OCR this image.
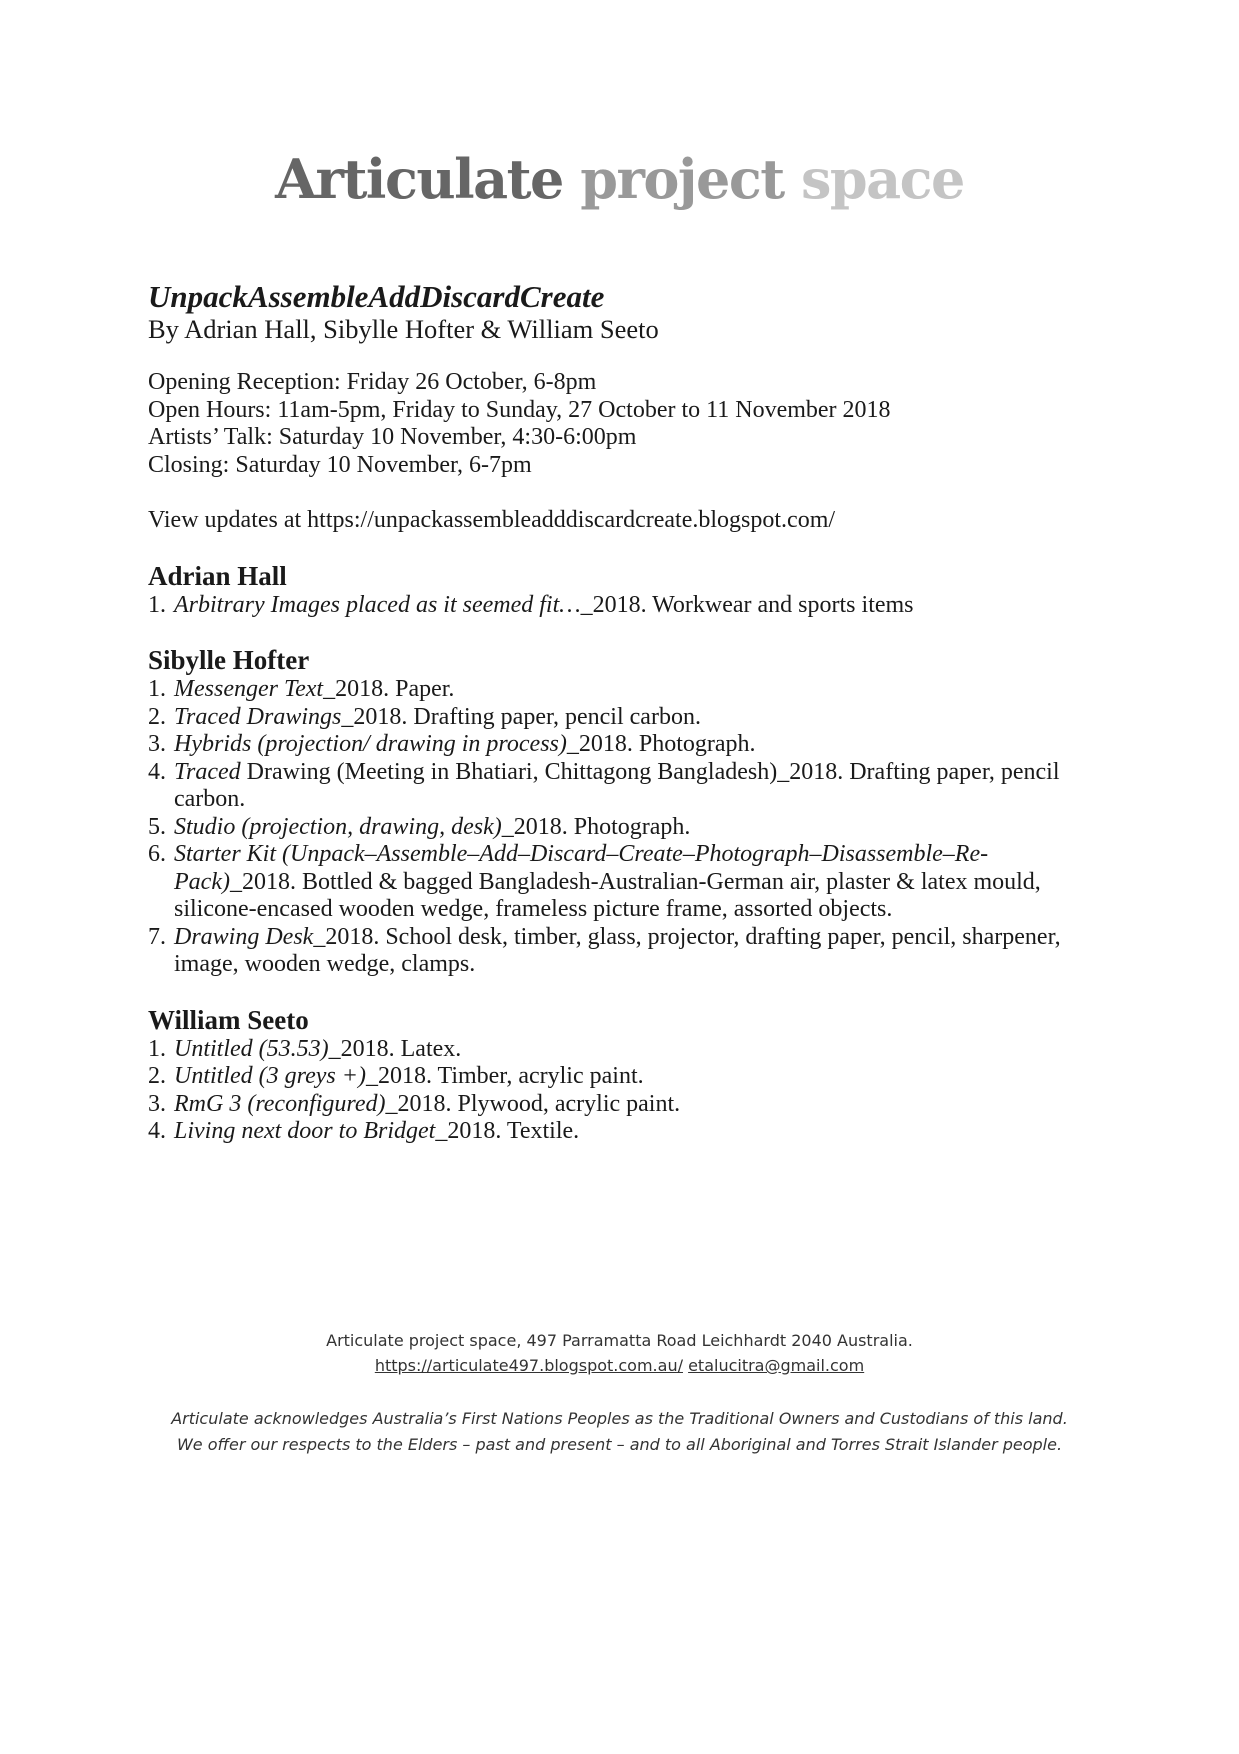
Articulate project space
UnpackAssembleAddDiscardCreate

By Adrian Hall, Sibylle Hofter & William Seeto

Opening Reception: Friday 26 October, 6-8pm
Open Hours: 11am-5pm, Friday to Sunday, 27 October to 11 November 2018
Artists’ Talk: Saturday 10 November, 4:30-6:00pm
Closing: Saturday 10 November, 6-7pm
View updates at https://unpackassembleadddiscardcreate.blogspot.com/
Adrian Hall
1. Arbitrary Images placed as it seemed fit…_2018. Workwear and sports items
Sibylle Hofter
1. Messenger Text_2018. Paper.
2. Traced Drawings_2018. Drafting paper, pencil carbon.
3. Hybrids (projection/ drawing in process)_2018. Photograph.
4. Traced Drawing (Meeting in Bhatiari, Chittagong Bangladesh)_2018. Drafting paper, pencil carbon.
5. Studio (projection, drawing, desk)_2018. Photograph.
6. Starter Kit (Unpack–Assemble–Add–Discard–Create–Photograph–Disassemble–Re-Pack)_2018. Bottled & bagged Bangladesh-Australian-German air, plaster & latex mould, silicone-encased wooden wedge, frameless picture frame, assorted objects.
7. Drawing Desk_2018. School desk, timber, glass, projector, drafting paper, pencil, sharpener, image, wooden wedge, clamps.
William Seeto
1. Untitled (53.53)_2018. Latex.
2. Untitled (3 greys +)_2018. Timber, acrylic paint.
3. RmG 3 (reconfigured)_2018. Plywood, acrylic paint.
4. Living next door to Bridget_2018. Textile.
Articulate project space, 497 Parramatta Road Leichhardt 2040 Australia.
https://articulate497.blogspot.com.au/ etalucitra@gmail.com
Articulate acknowledges Australia’s First Nations Peoples as the Traditional Owners and Custodians of this land.
We offer our respects to the Elders – past and present – and to all Aboriginal and Torres Strait Islander people.
